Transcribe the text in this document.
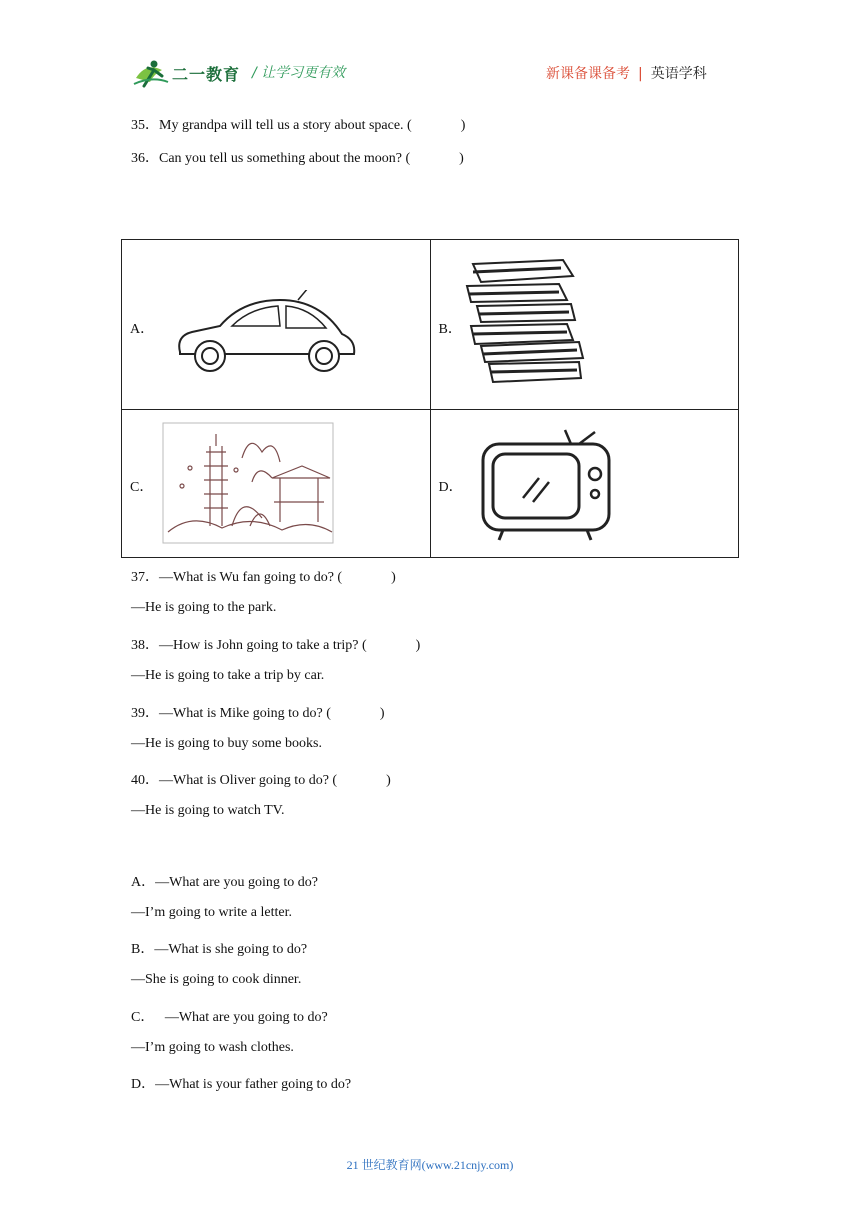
二一教育 / 让学习更有效	新课备课备考 | 英语学科
35．My grandpa will tell us a story about space. (              )
36．Can you tell us something about the moon? (              )
A．	B．

C．	D．
37．—What is Wu fan going to do? (              )
—He is going to the park.
38．—How is John going to take a trip? (              )
—He is going to take a trip by car.
39．—What is Mike going to do? (              )
—He is going to buy some books.
40．—What is Oliver going to do? (              )
—He is going to watch TV.
A．—What are you going to do?
—I’m going to write a letter.
B．—What is she going to do?
—She is going to cook dinner.
C．   —What are you going to do?
—I’m going to wash clothes.
D．—What is your father going to do?
21 世纪教育网(www.21cnjy.com)
